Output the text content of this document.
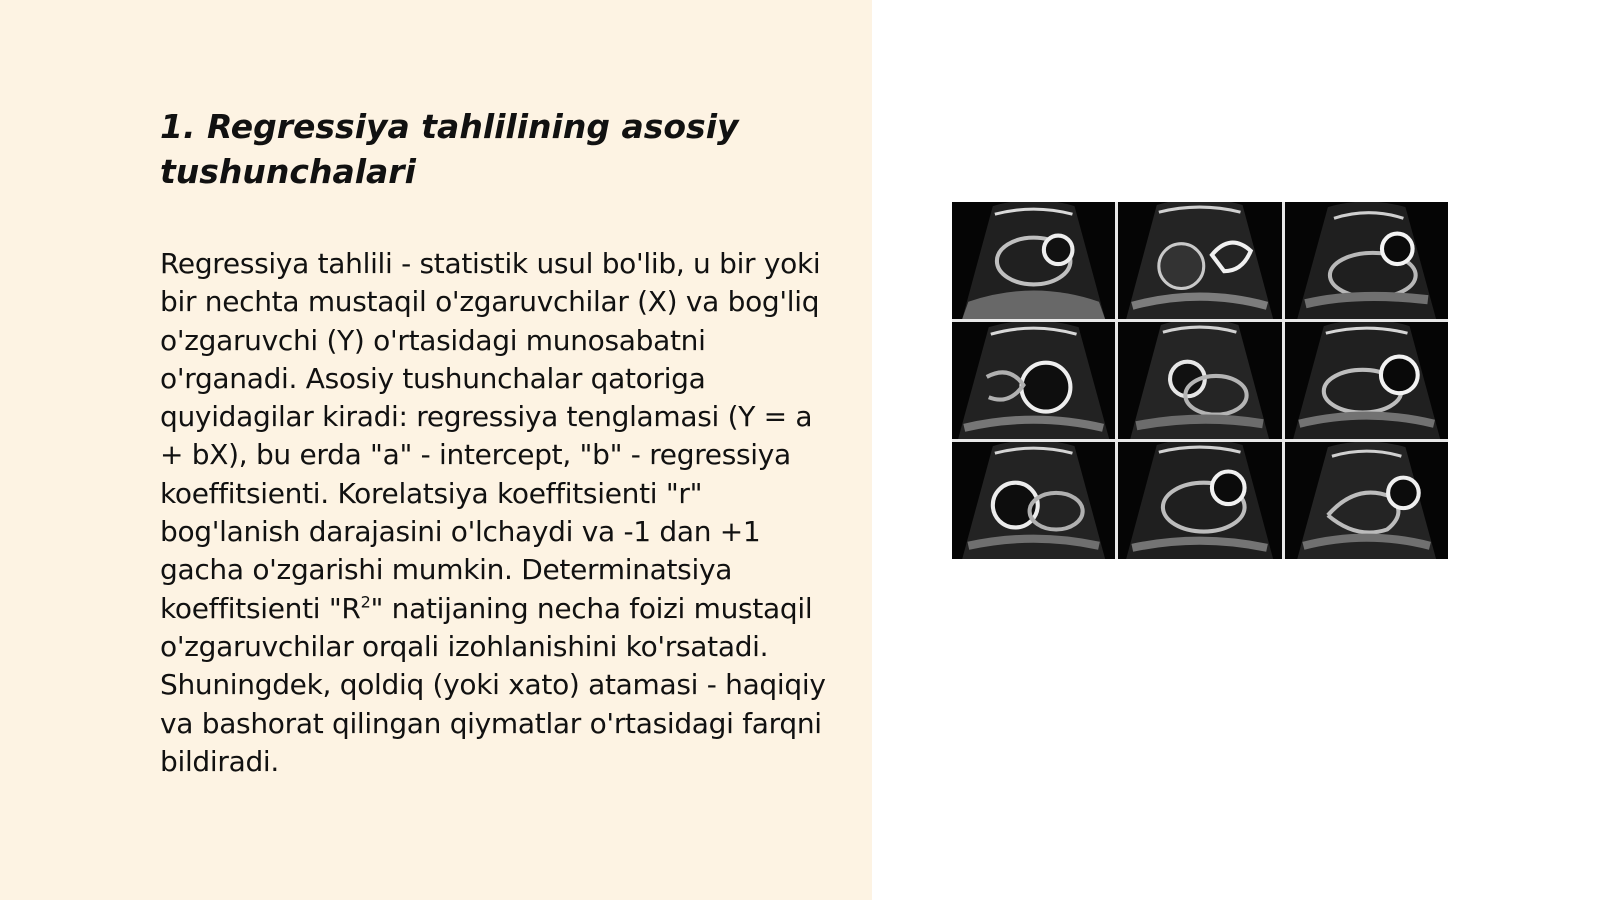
1. Regressiya tahlilining asosiy tushunchalari

Regressiya tahlili - statistik usul bo'lib, u bir yoki bir nechta mustaqil o'zgaruvchilar (X) va bog'liq o'zgaruvchi (Y) o'rtasidagi munosabatni o'rganadi. Asosiy tushunchalar qatoriga quyidagilar kiradi: regressiya tenglamasi (Y = a + bX), bu erda "a" - intercept, "b" - regressiya koeffitsienti. Korelatsiya koeffitsienti "r" bog'lanish darajasini o'lchaydi va -1 dan +1 gacha o'zgarishi mumkin. Determinatsiya koeffitsienti "$R^2$" natijaning necha foizi mustaqil o'zgaruvchilar orqali izohlanishini ko'rsatadi. Shuningdek, qoldiq (yoki xato) atamasi - haqiqiy va bashorat qilingan qiymatlar o'rtasidagi farqni bildiradi.
